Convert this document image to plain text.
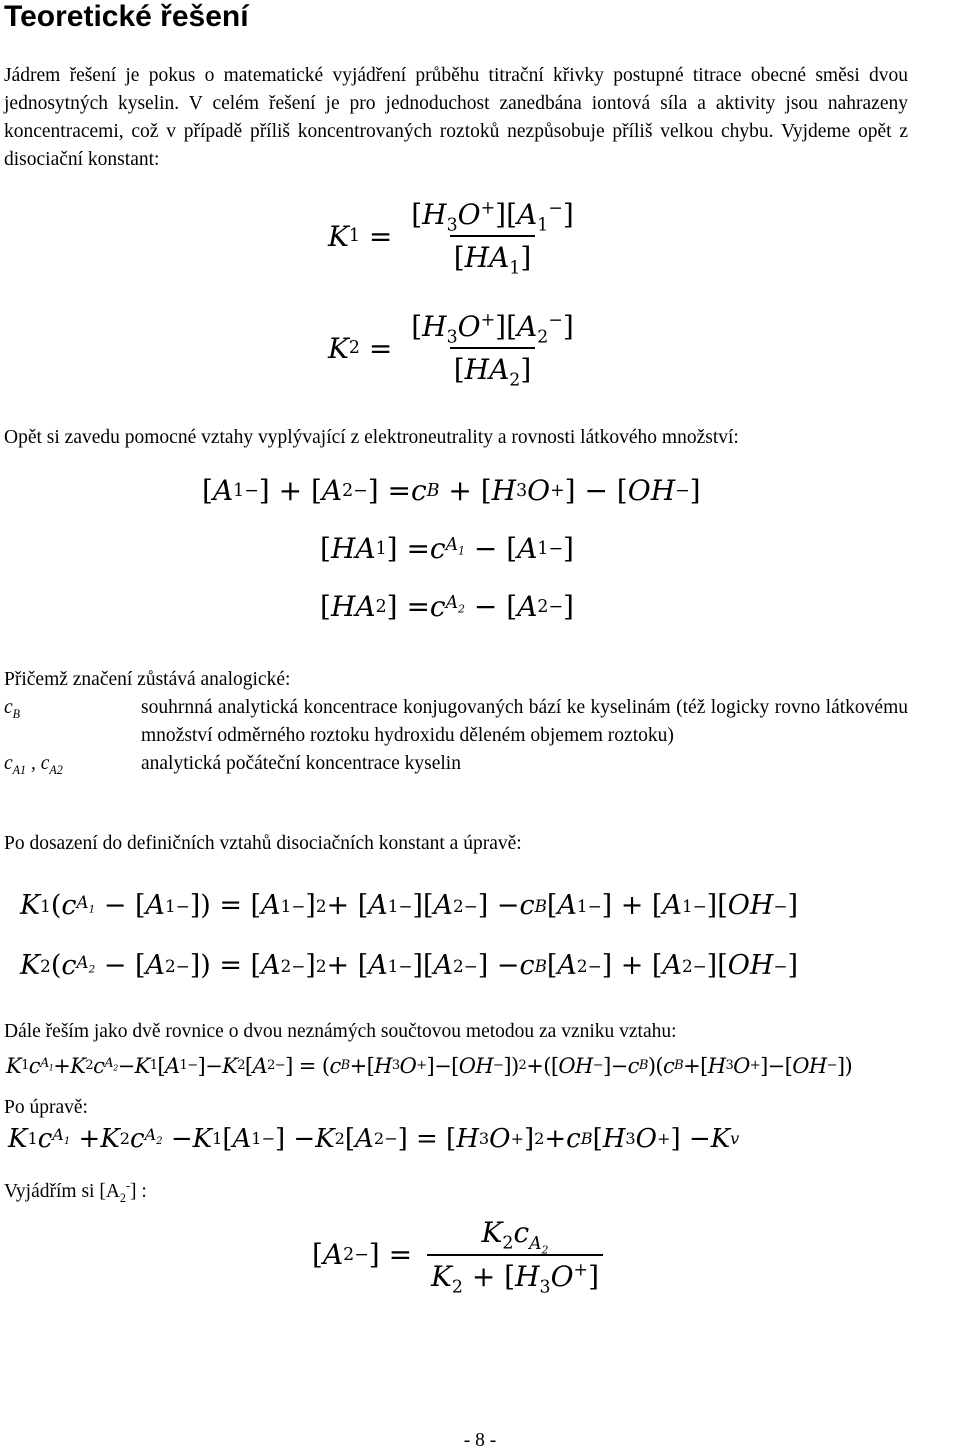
Teoretické řešení

Jádrem řešení je pokus o matematické vyjádření průběhu titrační křivky postupné titrace obecné směsi dvou jednosytných kyselin. V celém řešení je pro jednoduchost zanedbána iontová síla a aktivity jsou nahrazeny koncentracemi, což v případě příliš koncentrovaných roztoků nezpůsobuje příliš velkou chybu. Vyjdeme opět z disociační konstant:

K $1 = \frac{[H_3O^+][A_1^-]}{[HA_1]}$
K $2 = \frac{[H_3O^+][A_2^-]}{[HA_2]}$

Opět si zavedu pomocné vztahy vyplývající z elektroneutrality a rovnosti látkového množství:

[ A 1 − ] + [ A 2 − ] = c B + [ H 3 O + ] − [ OH − ]
[ HA 1 ] = c $A_1$ − [ A 1 − ]
[ HA 2 ] = c $A_2$ − [ A 2 − ]

Přičemž značení zůstává analogické:

$c_B$	souhrnná analytická koncentrace konjugovaných bází ke kyselinám (též logicky rovno látkovému množství odměrného roztoku hydroxidu děleném objemem roztoku)
$c_{A1}$ , $c_{A2}$	analytická počáteční koncentrace kyselin

Po dosazení do definičních vztahů disociačních konstant a úpravě:

K 1 ( c $A_1$ − [ A 1 − ]) = [ A 1 − ] 2 + [ A 1 − ][ A 2 − ] − c B [ A 1 − ] + [ A 1 − ][ OH − ]
K 2 ( c $A_2$ − [ A 2 − ]) = [ A 2 − ] 2 + [ A 1 − ][ A 2 − ] − c B [ A 2 − ] + [ A 2 − ][ OH − ]

Dále řeším jako dvě rovnice o dvou neznámých součtovou metodou za vzniku vztahu:

K 1 c $A_1 + K$ 2 c $A_2 - K$ 1 [ A 1 − ]− K 2 [ A 2 − ] = ( c B +[ H 3 O + ]−[ OH − ]) 2 +([ OH − ]− c B )( c B +[ H 3 O + ]−[ OH − ])

Po úpravě:

K 1 c $A_1 + K$ 2 c $A_2 - K$ 1 [ A 1 − ] − K 2 [ A 2 − ] = [ H 3 O + ] 2 + c B [ H 3 O + ] − K v

Vyjádřím si $[A_2^-]$ :

[ A 2 − ] = $\frac{K_2c_{A_2}}{K_2 + [H_3O^+]}$
- 8 -
